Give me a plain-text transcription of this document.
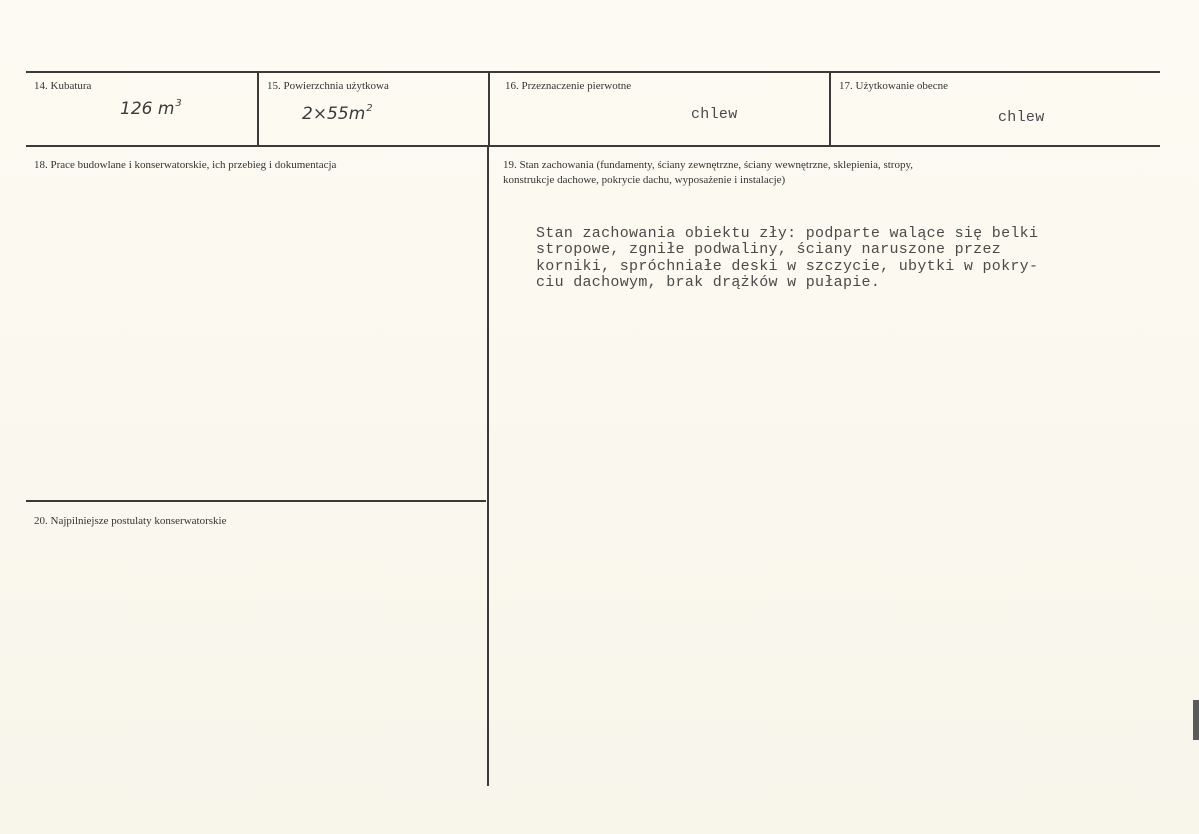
14. Kubatura
126 $m^3$
15. Powierzchnia użytkowa
$2\times 55m^2$
16. Przeznaczenie pierwotne
chlew
17. Użytkowanie obecne
chlew
18. Prace budowlane i konserwatorskie, ich przebieg i dokumentacja	19. Stan zachowania (fundamenty, ściany zewnętrzne, ściany wewnętrzne, sklepienia, stropy,
konstrukcje dachowe, pokrycie dachu, wyposażenie i instalacje)
Stan zachowania obiektu zły: podparte walące się belki
stropowe, zgniłe podwaliny, ściany naruszone przez
korniki, spróchniałe deski w szczycie, ubytki w pokry-
ciu dachowym, brak drążków w pułapie.
20. Najpilniejsze postulaty konserwatorskie
